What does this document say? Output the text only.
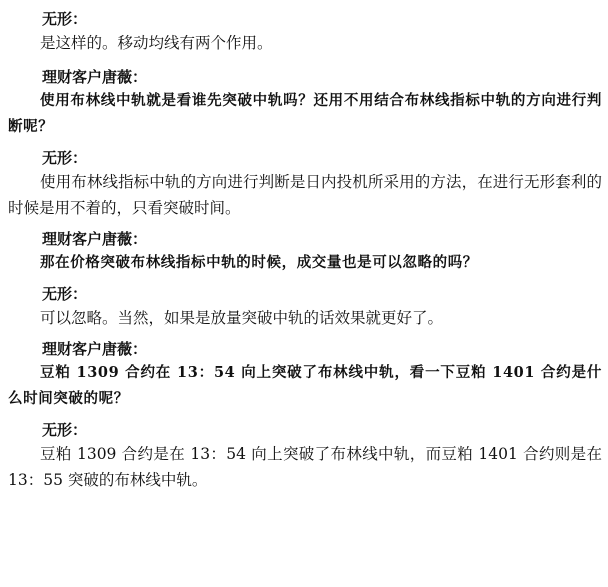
无形：

是这样的。移动均线有两个作用。

理财客户唐薇：

使用布林线中轨就是看谁先突破中轨吗？还用不用结合布林线指标中轨的方向进行判断呢？

无形：

使用布林线指标中轨的方向进行判断是日内投机所采用的方法，在进行无形套利的时候是用不着的，只看突破时间。

理财客户唐薇：

那在价格突破布林线指标中轨的时候，成交量也是可以忽略的吗？

无形：

可以忽略。当然，如果是放量突破中轨的话效果就更好了。

理财客户唐薇：

豆粕 1309 合约在 13：54 向上突破了布林线中轨，看一下豆粕 1401 合约是什么时间突破的呢？

无形：

豆粕 1309 合约是在 13：54 向上突破了布林线中轨，而豆粕 1401 合约则是在 13：55 突破的布林线中轨。
